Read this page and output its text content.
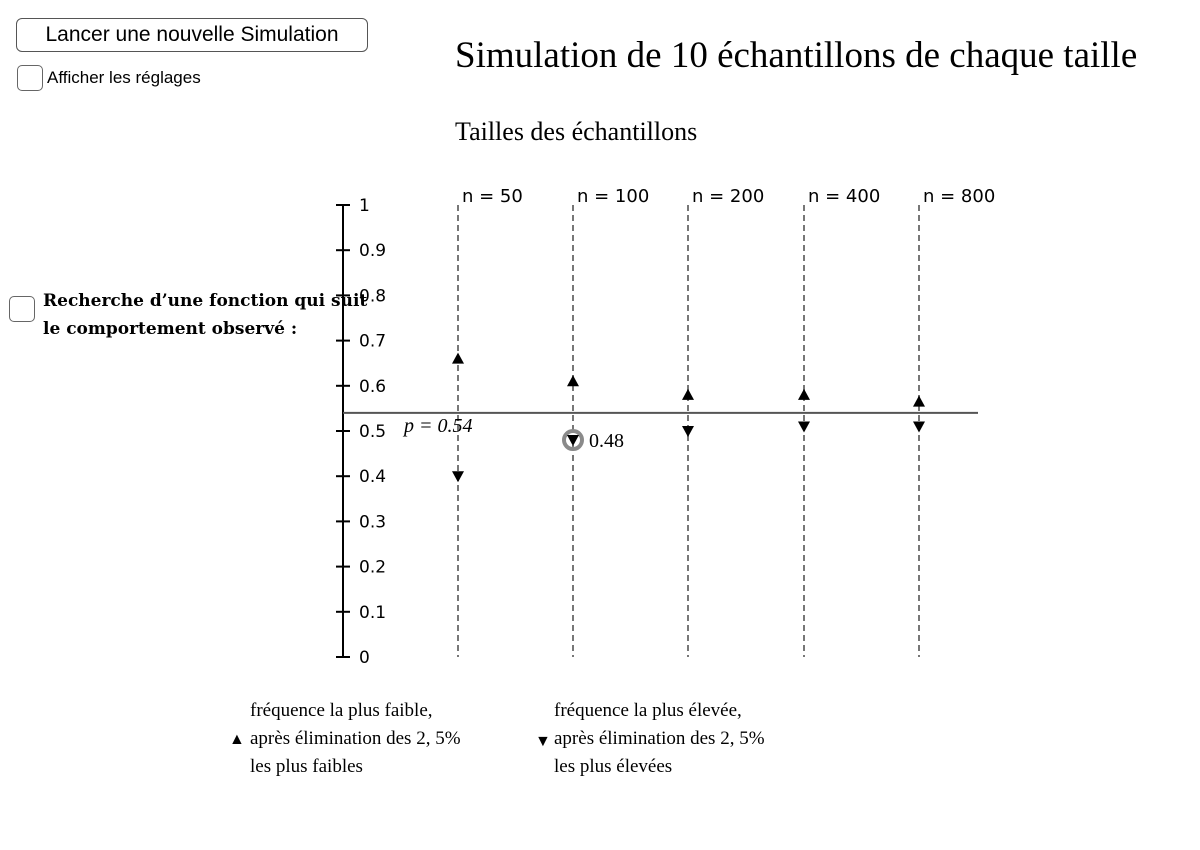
Lancer une nouvelle Simulation
Afficher les réglages
Simulation de 10 échantillons de chaque taille
Tailles des échantillons
n = 50	n = 100 n = 200 n = 400 n = 800
0
0.1
0.2
0.3
0.4
0.5
0.6
0.7
0.8
0.9
1
p = 0.54
0.48
Recherche d’une fonction qui suit
le comportement observé :
▲
fréquence la plus faible,
après élimination des 2, 5%
les plus faibles
▼
fréquence la plus élevée,
après élimination des 2, 5%
les plus élevées
